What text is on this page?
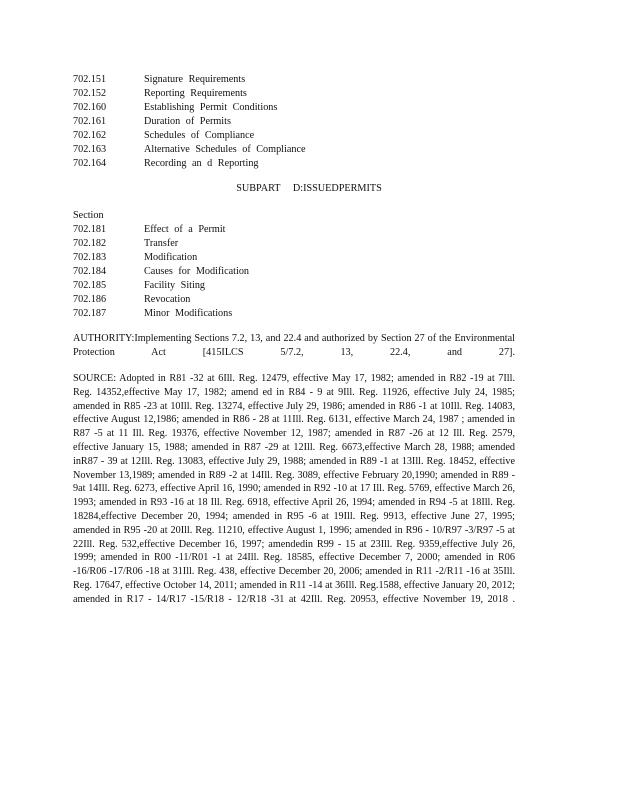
702.151	Signature Requirements
702.152	Reporting Requirements
702.160	Establishing Permit Conditions
702.161	Duration of Permits
702.162	Schedules of Compliance
702.163	Alternative Schedules of Compliance
702.164	Recording an d Reporting
SUBPART D:ISSUEDPERMITS
Section
702.181	Effect of a Permit
702.182	Transfer
702.183	Modification
702.184	Causes for Modification
702.185	Facility Siting
702.186	Revocation
702.187	Minor Modifications
AUTHORITY:Implementing Sections 7.2, 13, and 22.4 and authorized by Section 27 of the Environmental Protection Act [415ILCS 5/7.2, 13, 22.4, and 27].
SOURCE: Adopted in R81 -32 at 6Ill. Reg. 12479, effective May 17, 1982; amended in R82 -19 at 7Ill. Reg. 14352,effective May 17, 1982; amend ed in R84 - 9 at 9Ill. Reg. 11926, effective July 24, 1985; amended in R85 -23 at 10Ill. Reg. 13274, effective July 29, 1986; amended in R86 -1 at 10Ill. Reg. 14083, effective August 12,1986; amended in R86 - 28 at 11Ill. Reg. 6131, effective March 24, 1987 ; amended in R87 -5 at 11 Ill. Reg. 19376, effective November 12, 1987; amended in R87 -26 at 12 Ill. Reg. 2579, effective January 15, 1988; amended in R87 -29 at 12Ill. Reg. 6673,effective March 28, 1988; amended inR87 - 39 at 12Ill. Reg. 13083, effective July 29, 1988; amended in R89 -1 at 13Ill. Reg. 18452, effective November 13,1989; amended in R89 -2 at 14Ill. Reg. 3089, effective February 20,1990; amended in R89 - 9at 14Ill. Reg. 6273, effective April 16, 1990; amended in R92 -10 at 17 Ill. Reg. 5769, effective March 26, 1993; amended in R93 -16 at 18 Ill. Reg. 6918, effective April 26, 1994; amended in R94 -5 at 18Ill. Reg. 18284,effective December 20, 1994; amended in R95 -6 at 19Ill. Reg. 9913, effective June 27, 1995; amended in R95 -20 at 20Ill. Reg. 11210, effective August 1, 1996; amended in R96 - 10/R97 -3/R97 -5 at 22Ill. Reg. 532,effective December 16, 1997; amendedin R99 - 15 at 23Ill. Reg. 9359,effective July 26, 1999; amended in R00 -11/R01 -1 at 24Ill. Reg. 18585, effective December 7, 2000; amended in R06 -16/R06 -17/R06 -18 at 31Ill. Reg. 438, effective December 20, 2006; amended in R11 -2/R11 -16 at 35Ill. Reg. 17647, effective October 14, 2011; amended in R11 -14 at 36Ill. Reg.1588, effective January 20, 2012; amended in R17 - 14/R17 -15/R18 - 12/R18 -31 at 42Ill. Reg. 20953, effective November 19, 2018 .
